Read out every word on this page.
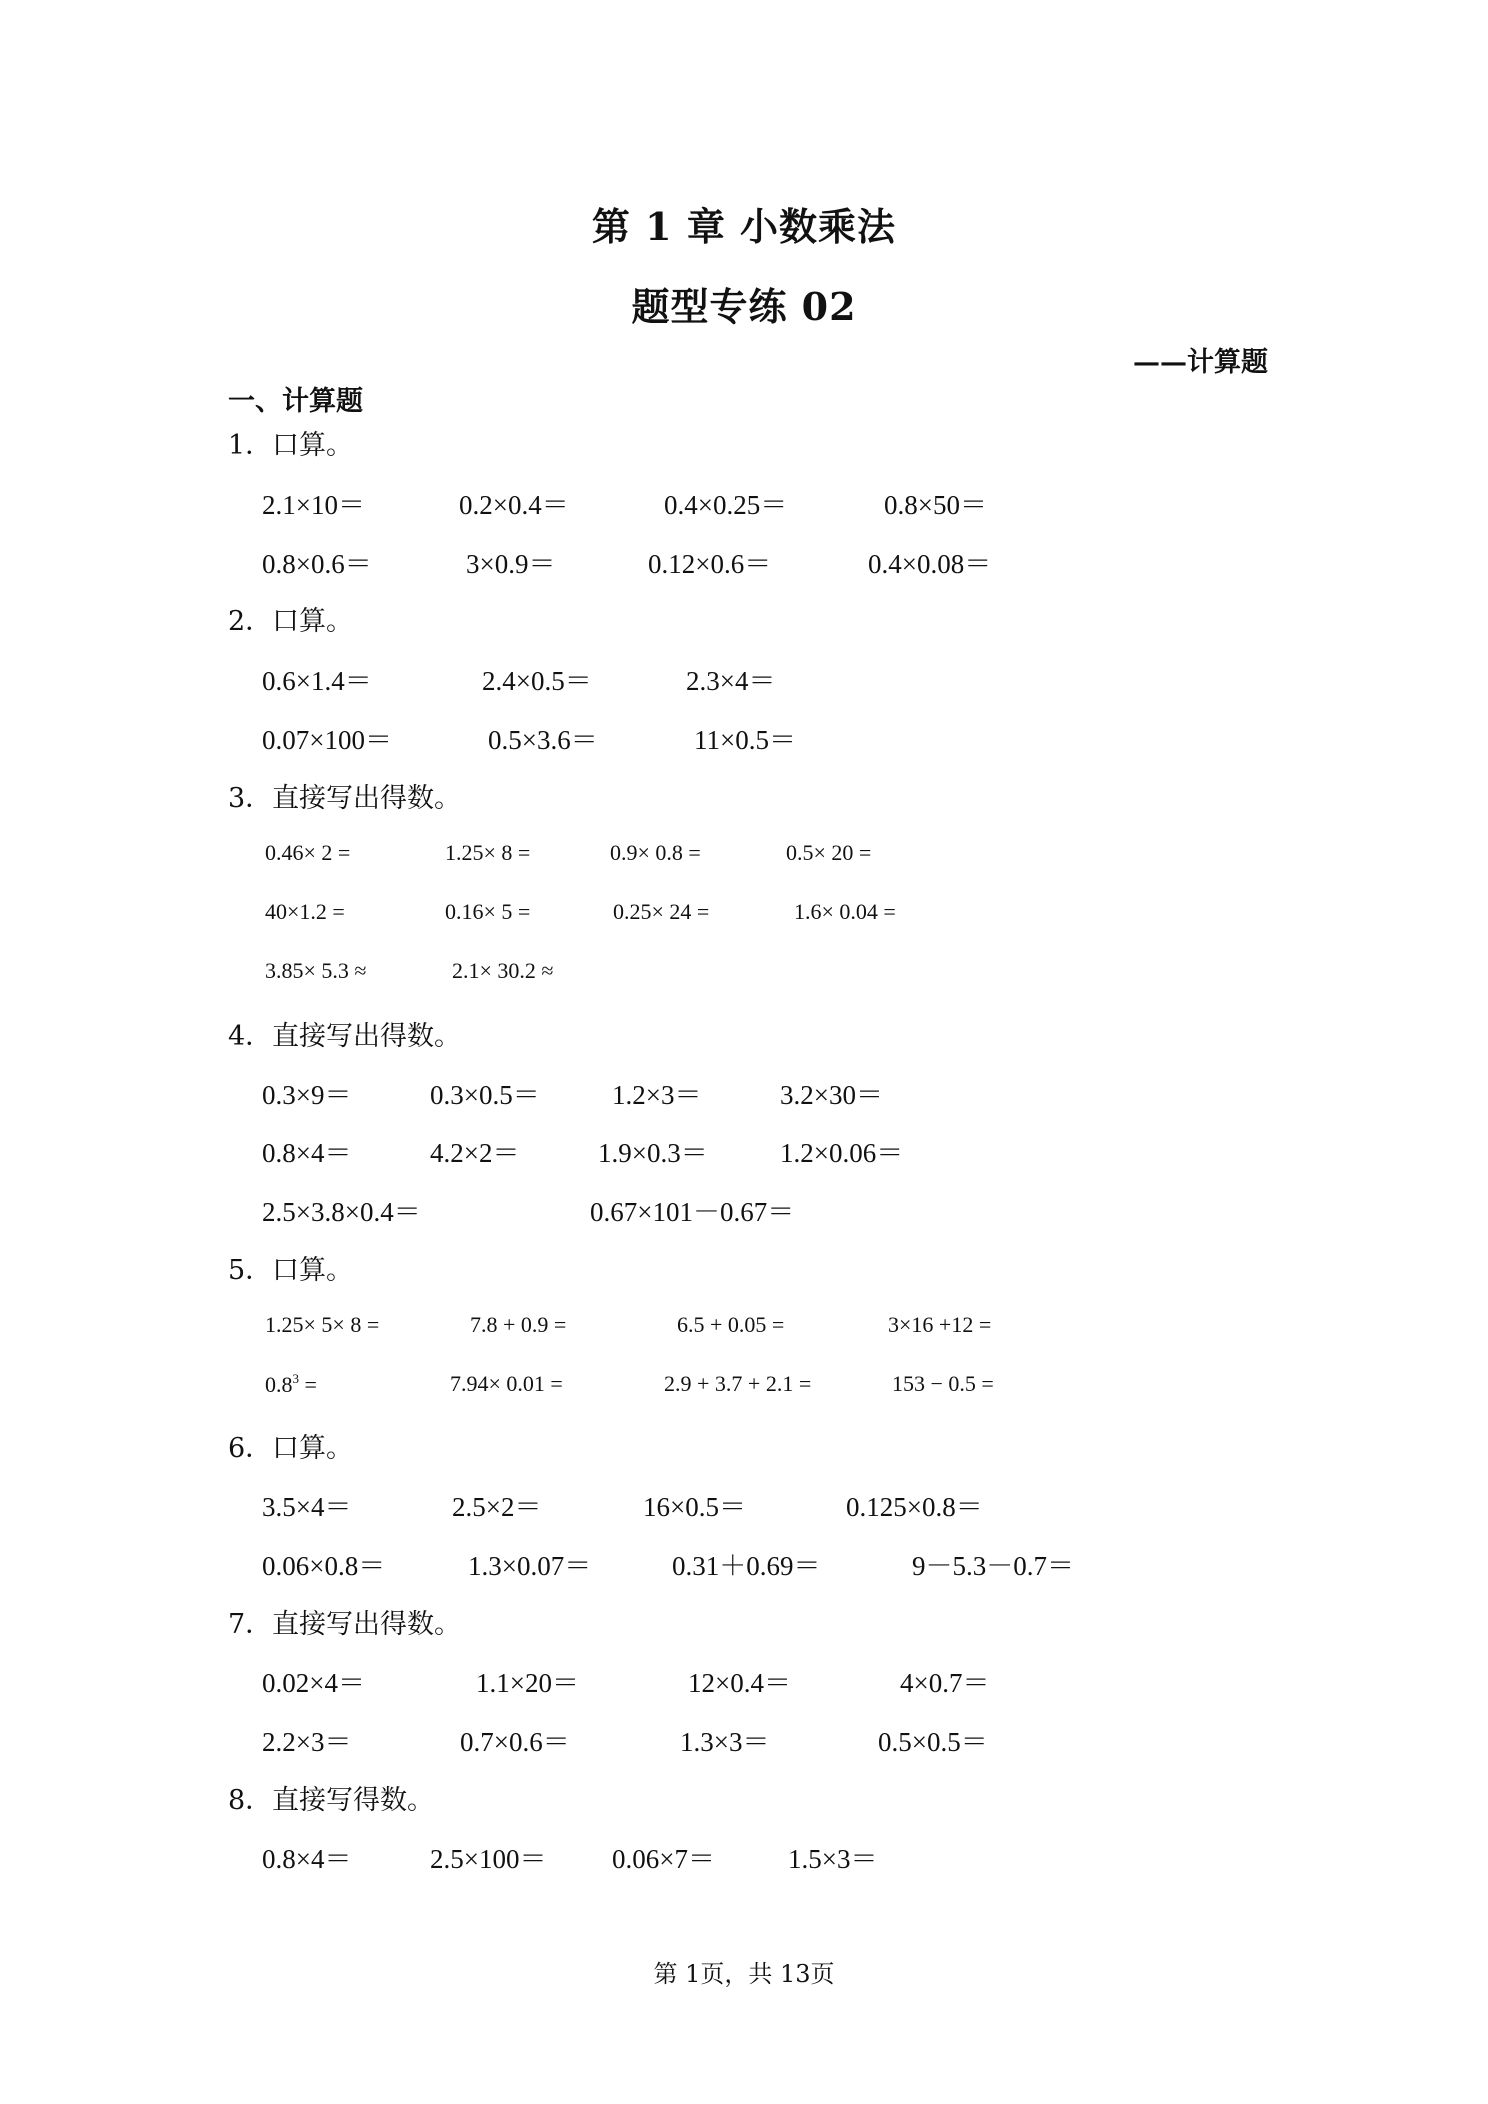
第 1 章 小数乘法
题型专练 02
——计算题
一、计算题
1．口算。
2.1×10＝	0.2×0.4＝	0.4×0.25＝	0.8×50＝
0.8×0.6＝	3×0.9＝	0.12×0.6＝	0.4×0.08＝
2．口算。
0.6×1.4＝	2.4×0.5＝	2.3×4＝
0.07×100＝	0.5×3.6＝	11×0.5＝
3．直接写出得数。
0.46× 2 =	1.25× 8 =	0.9× 0.8 =	0.5× 20 =
40×1.2 =	0.16× 5 =	0.25× 24 =	1.6× 0.04 =
3.85× 5.3 ≈	2.1× 30.2 ≈
4．直接写出得数。
0.3×9＝	0.3×0.5＝	1.2×3＝	3.2×30＝
0.8×4＝	4.2×2＝	1.9×0.3＝	1.2×0.06＝
2.5×3.8×0.4＝	0.67×101－0.67＝
5．口算。
1.25× 5× 8 =	7.8 + 0.9 =	6.5 + 0.05 =	3×16 +12 =
$0.8^3$ =	7.94× 0.01 =	2.9 + 3.7 + 2.1 =	153 − 0.5 =
6．口算。
3.5×4＝	2.5×2＝	16×0.5＝	0.125×0.8＝
0.06×0.8＝	1.3×0.07＝	0.31＋0.69＝	9－5.3－0.7＝
7．直接写出得数。
0.02×4＝	1.1×20＝	12×0.4＝	4×0.7＝
2.2×3＝	0.7×0.6＝	1.3×3＝	0.5×0.5＝
8．直接写得数。
0.8×4＝	2.5×100＝ 0.06×7＝	1.5×3＝
第 1页，共 13页
